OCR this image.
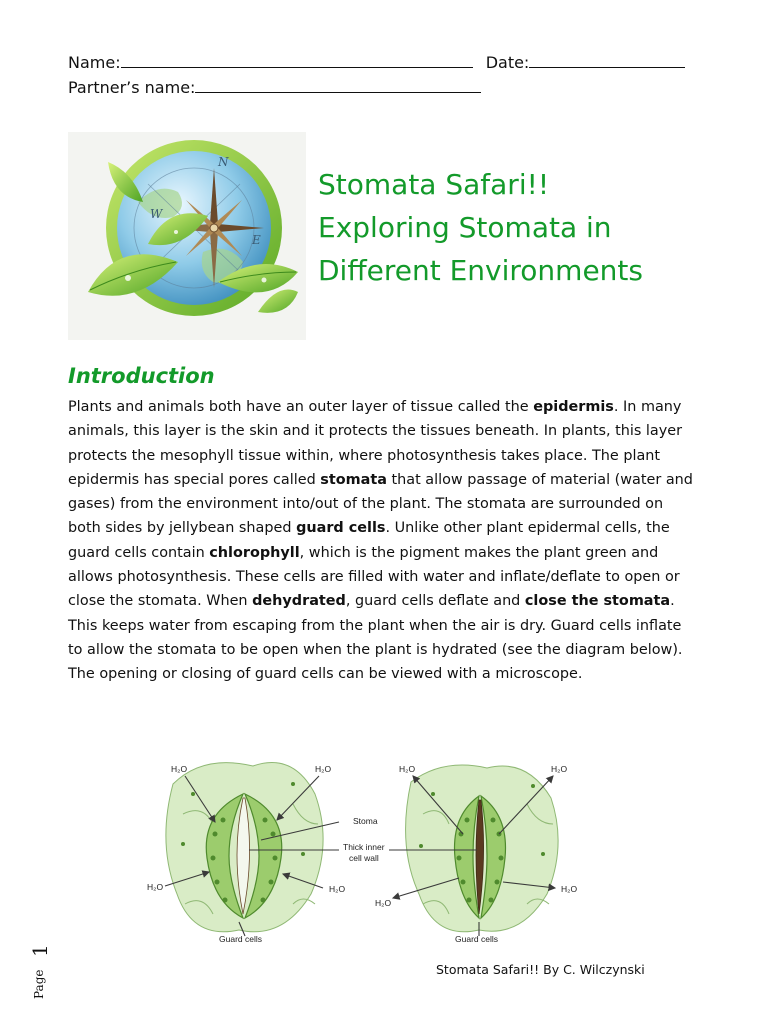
Name:	Date:
Partner’s name:
N
W
E
Stomata Safari!!
Exploring Stomata in
Different Environments
Introduction
Plants and animals both have an outer layer of tissue called the epidermis. In many animals, this layer is the skin and it protects the tissues beneath. In plants, this layer protects the mesophyll tissue within, where photosynthesis takes place. The plant epidermis has special pores called stomata that allow passage of material (water and gases) from the environment into/out of the plant. The stomata are surrounded on both sides by jellybean shaped guard cells. Unlike other plant epidermal cells, the guard cells contain chlorophyll, which is the pigment makes the plant green and allows photosynthesis. These cells are filled with water and inflate/deflate to open or close the stomata. When dehydrated, guard cells deflate and close the stomata. This keeps water from escaping from the plant when the air is dry. Guard cells inflate to allow the stomata to be open when the plant is hydrated (see the diagram below). The opening or closing of guard cells can be viewed with a microscope.
H₂O	H₂O
H₂O	H₂O
H₂O	H₂O
H₂O
H₂O
Stoma
Thick inner
cell wall
Guard cells	Guard cells
Page
1
Stomata Safari!! By C. Wilczynski
